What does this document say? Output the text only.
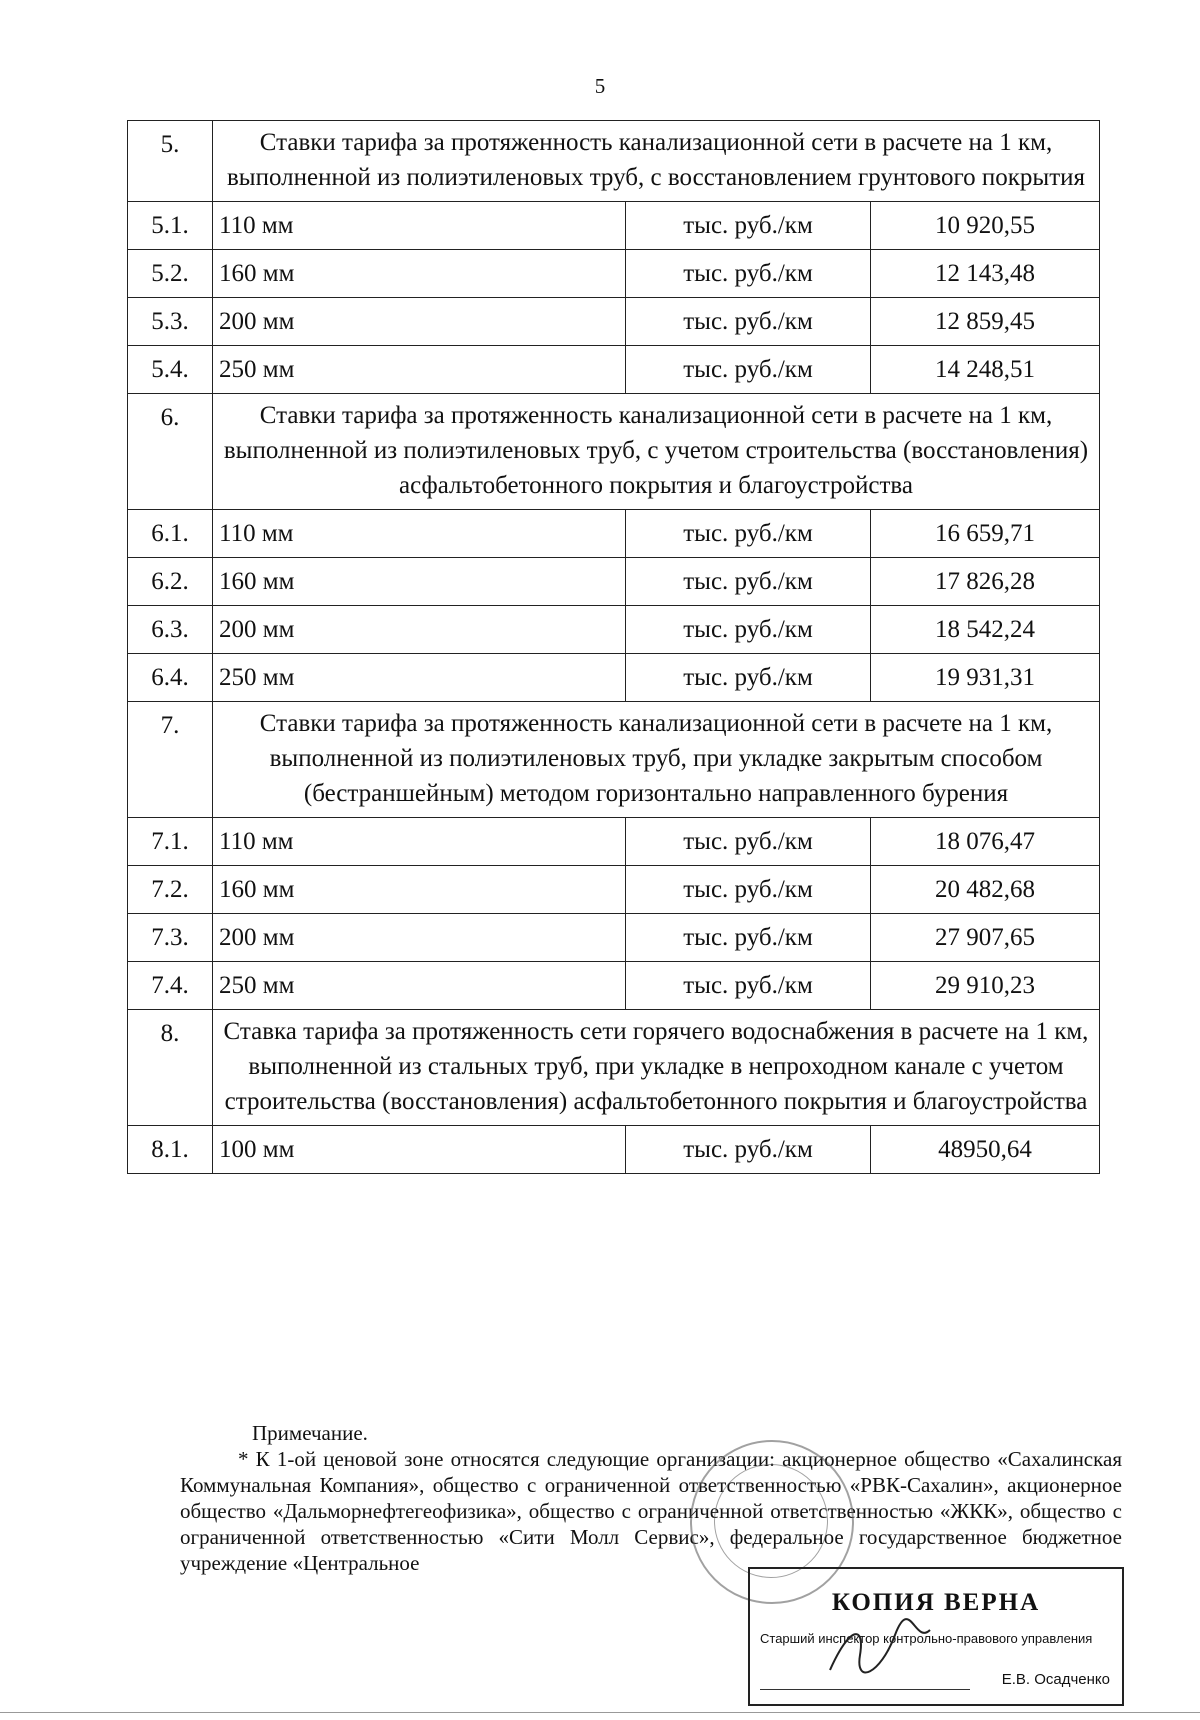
5
5.	Ставки тарифа за протяженность канализационной сети в расчете на 1 км, выполненной из полиэтиленовых труб, с восстановлением грунтового покрытия		
5.1.	110 мм	тыс. руб./км	10 920,55
5.2.	160 мм	тыс. руб./км	12 143,48
5.3.	200 мм	тыс. руб./км	12 859,45
5.4.	250 мм	тыс. руб./км	14 248,51
6.	Ставки тарифа за протяженность канализационной сети в расчете на 1 км, выполненной из полиэтиленовых труб, с учетом строительства (восстановления) асфальтобетонного покрытия и благоустройства		
6.1.	110 мм	тыс. руб./км	16 659,71
6.2.	160 мм	тыс. руб./км	17 826,28
6.3.	200 мм	тыс. руб./км	18 542,24
6.4.	250 мм	тыс. руб./км	19 931,31
7.	Ставки тарифа за протяженность канализационной сети в расчете на 1 км, выполненной из полиэтиленовых труб, при укладке закрытым способом (бестраншейным) методом горизонтально направленного бурения		
7.1.	110 мм	тыс. руб./км	18 076,47
7.2.	160 мм	тыс. руб./км	20 482,68
7.3.	200 мм	тыс. руб./км	27 907,65
7.4.	250 мм	тыс. руб./км	29 910,23
8.	Ставка тарифа за протяженность сети горячего водоснабжения в расчете на 1 км, выполненной из стальных труб, при укладке в непроходном канале с учетом строительства (восстановления) асфальтобетонного покрытия и благоустройства		
8.1.	100 мм	тыс. руб./км	48950,64
Примечание.
* К 1-ой ценовой зоне относятся следующие организации: акционерное общество «Сахалинская Коммунальная Компания», общество с ограниченной ответственностью «РВК-Сахалин», акционерное общество «Дальморнефтегеофизика», общество с ограниченной ответственностью «ЖКК», общество с ограниченной ответственностью «Сити Молл Сервис», федеральное государственное бюджетное учреждение «Центральное
КОПИЯ ВЕРНА
Старший инспектор контрольно-правового управления
Е.В. Осадченко
